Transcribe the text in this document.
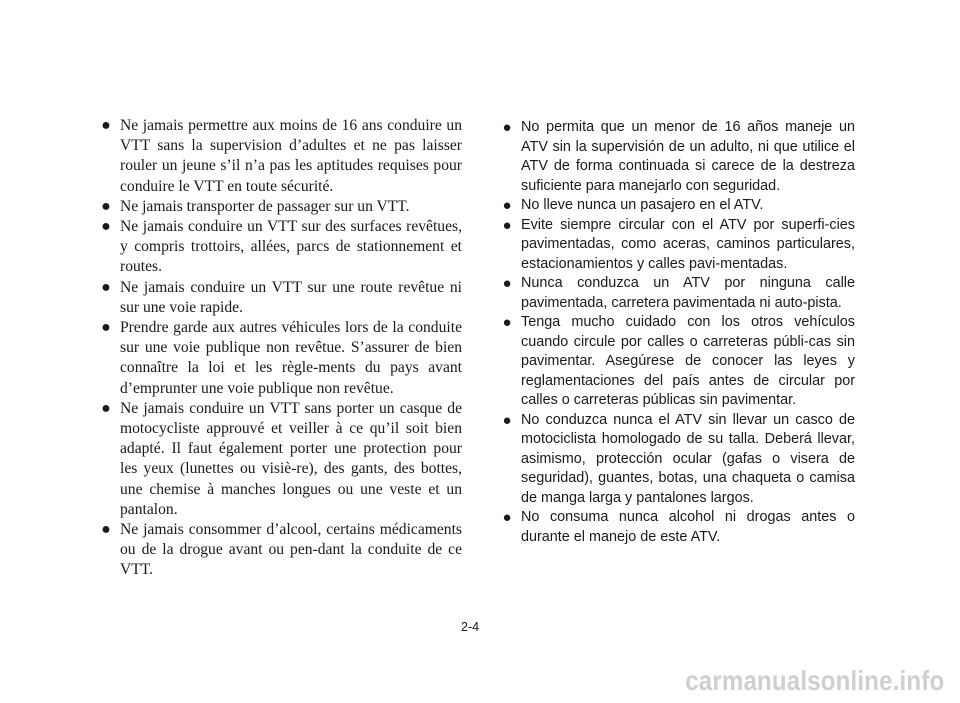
● Ne jamais permettre aux moins de 16 ans conduire un VTT sans la supervision d’adultes et ne pas laisser rouler un jeune s’il n’a pas les aptitudes requises pour conduire le VTT en toute sécurité.
● Ne jamais transporter de passager sur un VTT.
● Ne jamais conduire un VTT sur des surfaces revêtues, y compris trottoirs, allées, parcs de stationnement et routes.
● Ne jamais conduire un VTT sur une route revêtue ni sur une voie rapide.
● Prendre garde aux autres véhicules lors de la conduite sur une voie publique non revêtue. S’assurer de bien connaître la loi et les règle-ments du pays avant d’emprunter une voie publique non revêtue.
● Ne jamais conduire un VTT sans porter un casque de motocycliste approuvé et veiller à ce qu’il soit bien adapté. Il faut également porter une protection pour les yeux (lunettes ou visiè-re), des gants, des bottes, une chemise à manches longues ou une veste et un pantalon.
● Ne jamais consommer d’alcool, certains médicaments ou de la drogue avant ou pen-dant la conduite de ce VTT.
● No permita que un menor de 16 años maneje un ATV sin la supervisión de un adulto, ni que utilice el ATV de forma continuada si carece de la destreza suficiente para manejarlo con seguridad.
● No lleve nunca un pasajero en el ATV.
● Evite siempre circular con el ATV por superfi-cies pavimentadas, como aceras, caminos particulares, estacionamientos y calles pavi-mentadas.
● Nunca conduzca un ATV por ninguna calle pavimentada, carretera pavimentada ni auto-pista.
● Tenga mucho cuidado con los otros vehículos cuando circule por calles o carreteras públi-cas sin pavimentar. Asegúrese de conocer las leyes y reglamentaciones del país antes de circular por calles o carreteras públicas sin pavimentar.
● No conduzca nunca el ATV sin llevar un casco de motociclista homologado de su talla. Deberá llevar, asimismo, protección ocular (gafas o visera de seguridad), guantes, botas, una chaqueta o camisa de manga larga y pantalones largos.
● No consuma nunca alcohol ni drogas antes o durante el manejo de este ATV.
2-4
carmanualsonline.info
